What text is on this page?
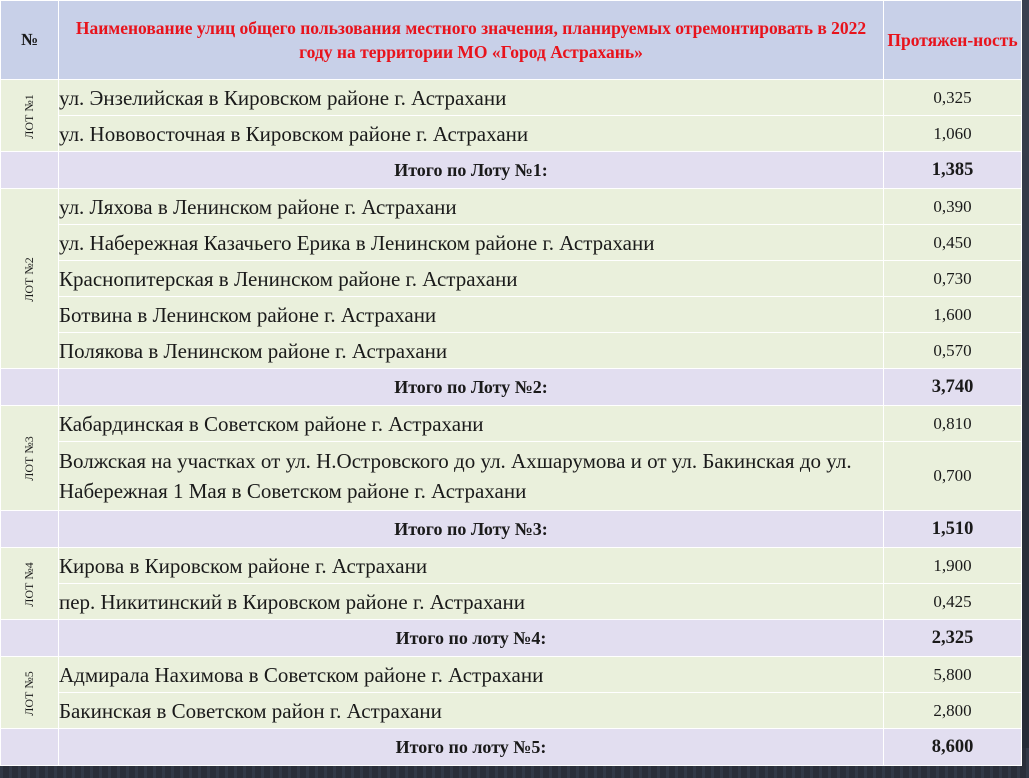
№	Наименование улиц общего пользования местного значения, планируемых отремонтировать в 2022 году на территории МО «Город Астрахань»	Протяжен-ность
ЛОТ №1	ул. Энзелийская в Кировском районе г. Астрахани	0,325
	ул. Нововосточная в Кировском районе г. Астрахани	1,060
	Итого по Лоту №1:	1,385
ЛОТ №2	ул. Ляхова в Ленинском районе г. Астрахани	0,390
	ул. Набережная Казачьего Ерика в Ленинском районе г. Астрахани	0,450
	Краснопитерская в Ленинском районе г. Астрахани	0,730
	Ботвина в Ленинском районе г. Астрахани	1,600
	Полякова в Ленинском районе г. Астрахани	0,570
	Итого по Лоту №2:	3,740
ЛОТ №3	Кабардинская в Советском районе г. Астрахани	0,810
	Волжская на участках от ул. Н.Островского до ул. Ахшарумова и от ул. Бакинская до ул. Набережная 1 Мая в Советском районе г. Астрахани	0,700
	Итого по Лоту №3:	1,510
ЛОТ №4	Кирова в Кировском районе г. Астрахани	1,900
	пер. Никитинский в Кировском районе г. Астрахани	0,425
	Итого по лоту №4:	2,325
ЛОТ №5	Адмирала Нахимова в Советском районе г. Астрахани	5,800
	Бакинская в Советском район г. Астрахани	2,800
	Итого по лоту №5:	8,600
